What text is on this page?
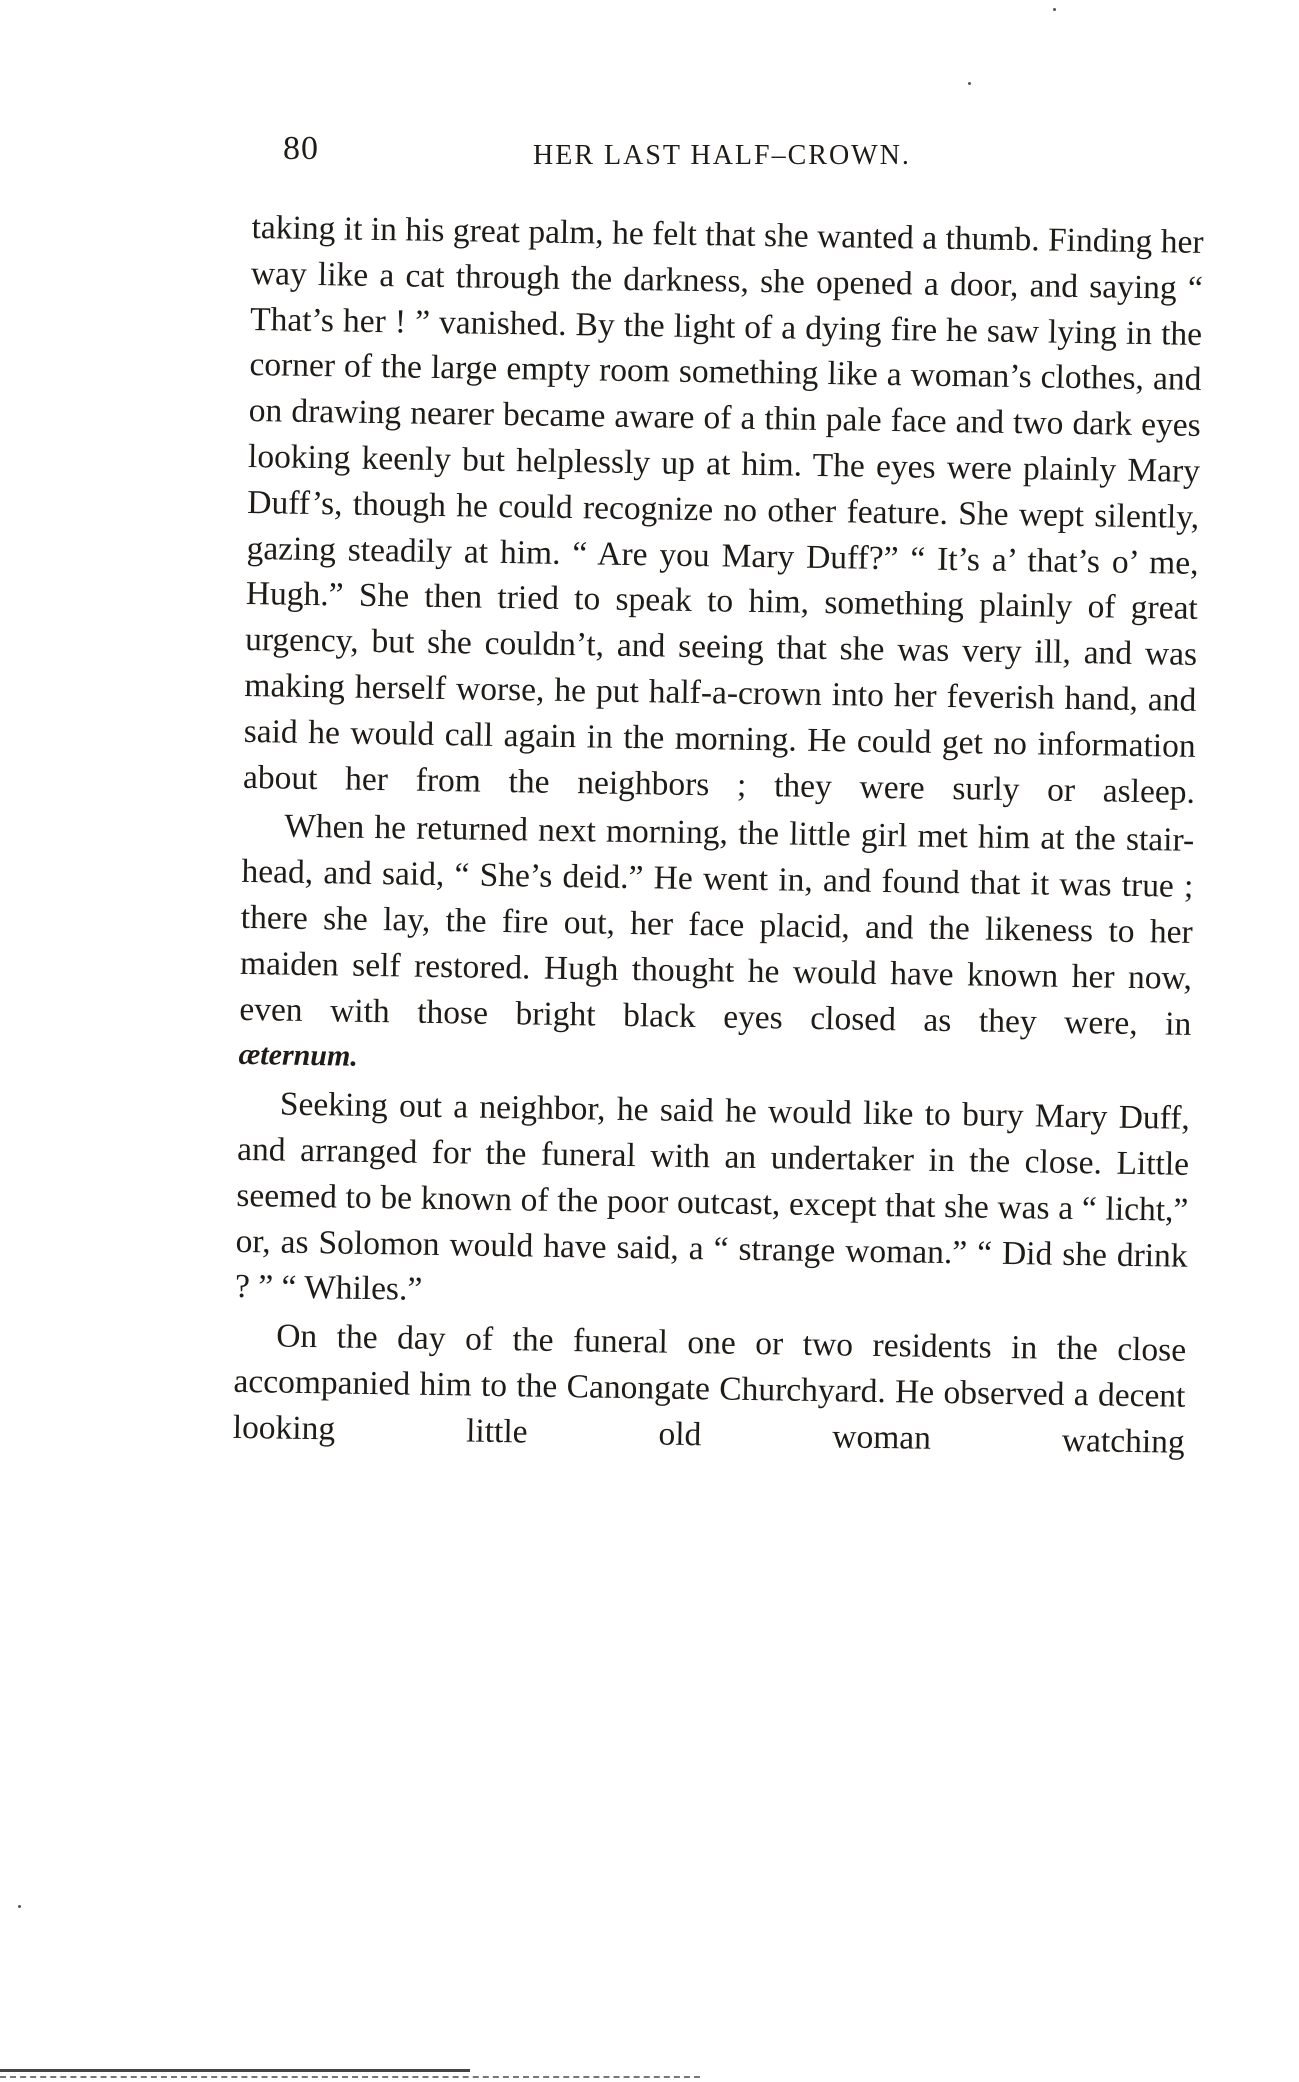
80	HER LAST HALF–CROWN.

taking it in his great palm, he felt that she wanted a thumb. Finding her way like a cat through the darkness, she opened a door, and saying “ That’s her ! ” vanished. By the light of a dying fire he saw lying in the corner of the large empty room something like a woman’s clothes, and on drawing nearer became aware of a thin pale face and two dark eyes looking keenly but helplessly up at him. The eyes were plainly Mary Duff’s, though he could recognize no other feature. She wept silently, gazing steadily at him. “ Are you Mary Duff?” “ It’s a’ that’s o’ me, Hugh.” She then tried to speak to him, something plainly of great urgency, but she couldn’t, and seeing that she was very ill, and was making herself worse, he put half-a-crown into her feverish hand, and said he would call again in the morning. He could get no information about her from the neighbors ; they were surly or asleep.

When he returned next morning, the little girl met him at the stair-head, and said, “ She’s deid.” He went in, and found that it was true ; there she lay, the fire out, her face placid, and the likeness to her maiden self restored. Hugh thought he would have known her now, even with those bright black eyes closed as they were, in
æternum.

Seeking out a neighbor, he said he would like to bury Mary Duff, and arranged for the funeral with an undertaker in the close. Little seemed to be known of the poor outcast, except that she was a “ licht,” or, as Solomon would have said, a “ strange woman.” “ Did she drink ? ” “ Whiles.”

On the day of the funeral one or two residents in the close accompanied him to the Canongate Churchyard. He observed a decent looking little old woman watching
